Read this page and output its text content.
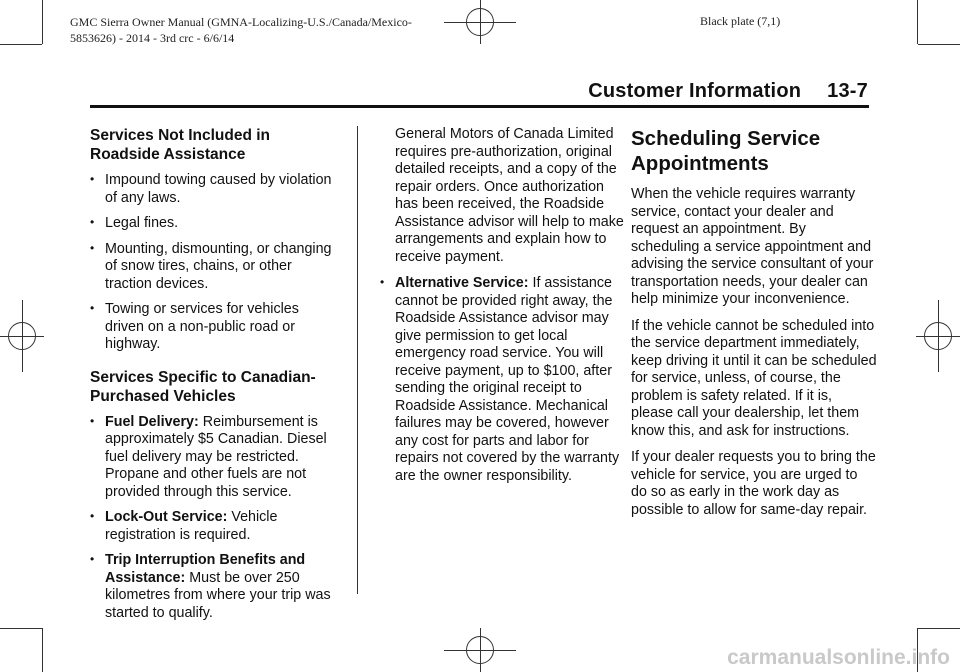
GMC Sierra Owner Manual (GMNA-Localizing-U.S./Canada/Mexico-
5853626) - 2014 - 3rd crc - 6/6/14
Black plate (7,1)
Customer Information 13-7
Services Not Included in Roadside Assistance
• Impound towing caused by violation of any laws.
• Legal fines.
• Mounting, dismounting, or changing of snow tires, chains, or other traction devices.
• Towing or services for vehicles driven on a non-public road or highway.
Services Specific to Canadian-Purchased Vehicles
• Fuel Delivery: Reimbursement is approximately $5 Canadian. Diesel fuel delivery may be restricted. Propane and other fuels are not provided through this service.
• Lock-Out Service: Vehicle registration is required.
• Trip Interruption Benefits and Assistance: Must be over 250 kilometres from where your trip was started to qualify.

General Motors of Canada Limited requires pre-authorization, original detailed receipts, and a copy of the repair orders. Once authorization has been received, the Roadside Assistance advisor will help to make arrangements and explain how to receive payment.

• Alternative Service: If assistance cannot be provided right away, the Roadside Assistance advisor may give permission to get local emergency road service. You will receive payment, up to $100, after sending the original receipt to Roadside Assistance. Mechanical failures may be covered, however any cost for parts and labor for repairs not covered by the warranty are the owner responsibility.
Scheduling Service Appointments

When the vehicle requires warranty service, contact your dealer and request an appointment. By scheduling a service appointment and advising the service consultant of your transportation needs, your dealer can help minimize your inconvenience.

If the vehicle cannot be scheduled into the service department immediately, keep driving it until it can be scheduled for service, unless, of course, the problem is safety related. If it is, please call your dealership, let them know this, and ask for instructions.

If your dealer requests you to bring the vehicle for service, you are urged to do so as early in the work day as possible to allow for same-day repair.

carmanualsonline.info
